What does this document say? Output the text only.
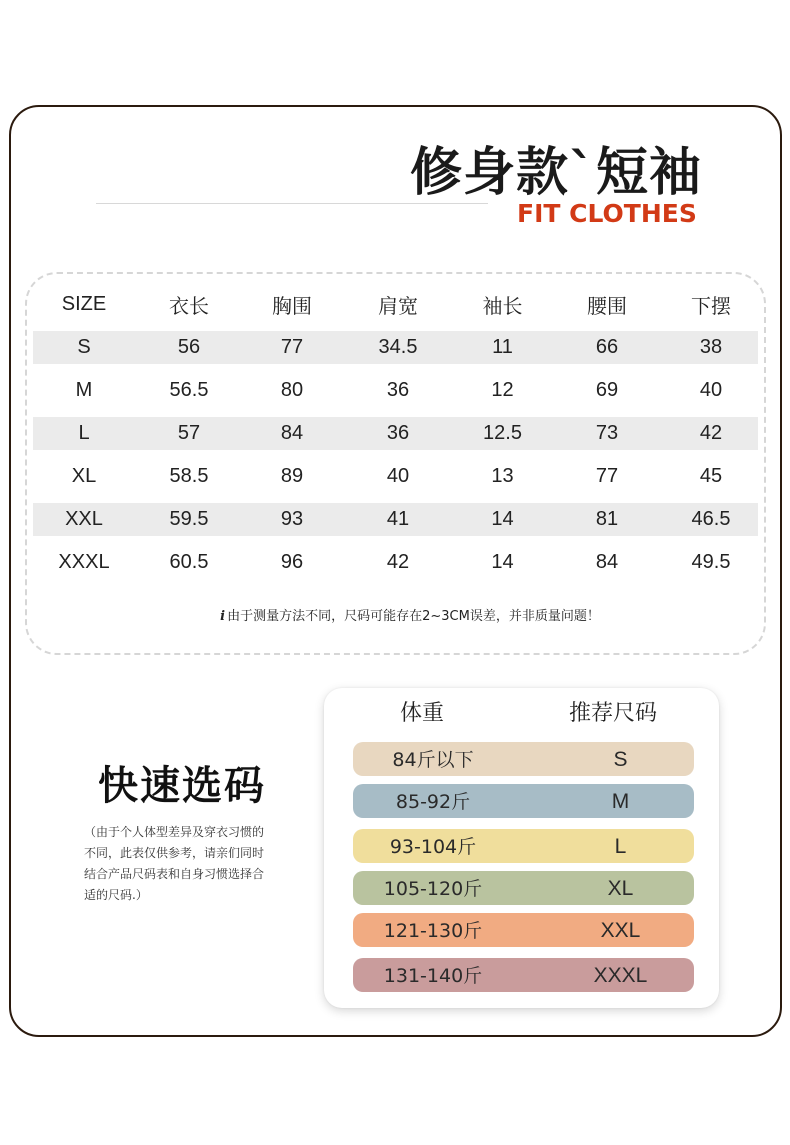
修身款`短袖
FIT CLOTHES
SIZE	衣长	胸围	肩宽	袖长	腰围	下摆
S	56	77	34.5	11	66	38
M	56.5	80	36	12	69	40
L	57	84	36	12.5	73	42
XL	58.5	89	40	13	77	45
XXL	59.5	93	41	14	81	46.5
XXXL	60.5	96	42	14	84	49.5
i 由于测量方法不同，尺码可能存在2~3CM误差，并非质量问题！
快速选码
（由于个人体型差异及穿衣习惯的不同，此表仅供参考，请亲们同时结合产品尺码表和自身习惯选择合适的尺码.）
体重	推荐尺码
84斤以下	S
85-92斤	M
93-104斤	L
105-120斤	XL
121-130斤	XXL
131-140斤	XXXL
